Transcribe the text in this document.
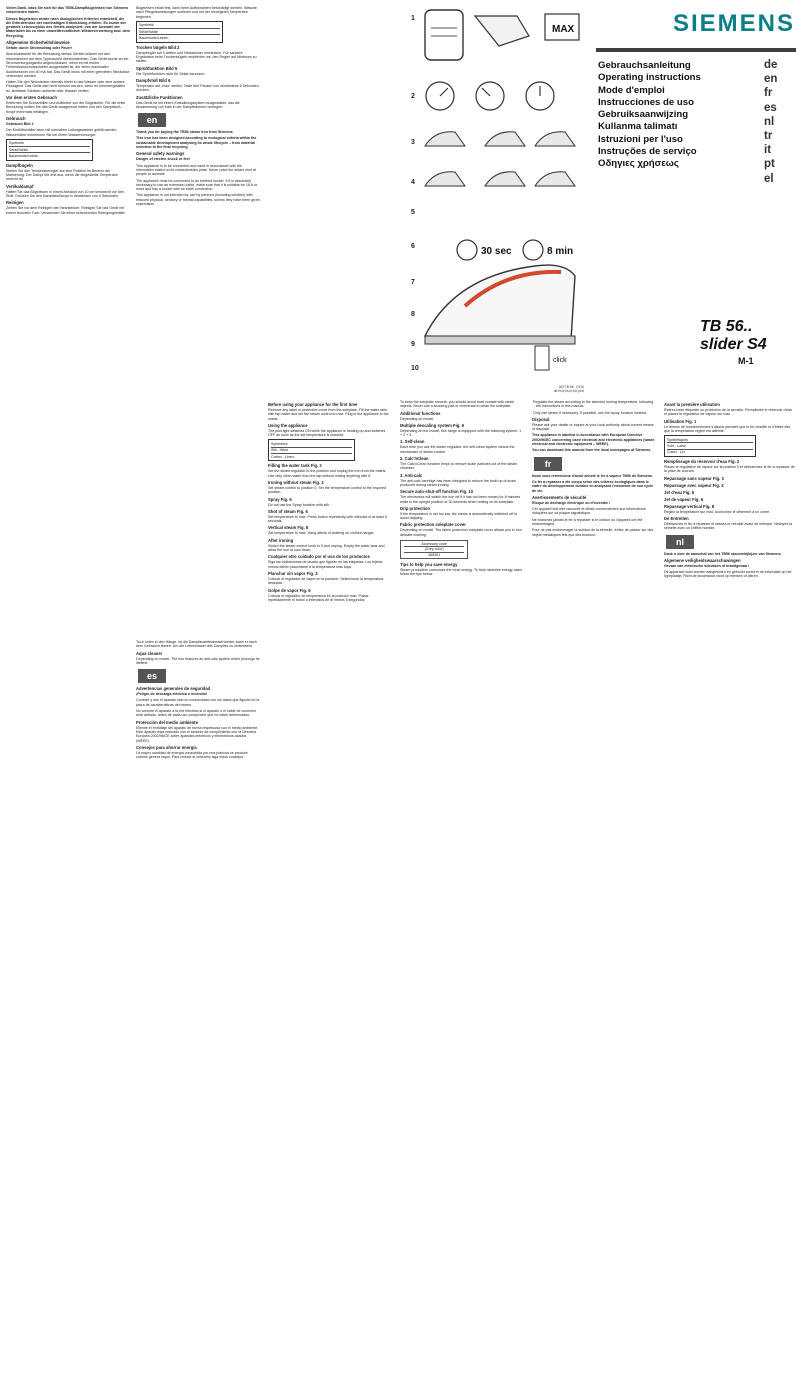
SIEMENS
Gebrauchsanleitung
Operating instructions
Mode d'emploi
Instrucciones de uso
Gebruiksaanwijzing
Kullanma talimatı
Istruzioni per l'uso
Instruções de serviço
Οδηγιες χρήσεως
de
en
fr
es
nl
tr
it
pt
el
1
2
3
4
5
6
7
8
9
10
MAX
30 sec	8 min
click
002 TB 56.. 10/10
de,en,fr,es,nl,tr,it,pt,el
TB 56..
slider S4
M-1

Vielen Dank, dass Sie sich für das TB56-Dampfbügeleisen von Siemens entschieden haben.

Dieses Bügeleisen wurde nach ökologischen Kriterien entwickelt, die die Erfordernisse der nachhaltigen Entwicklung erfüllen. Es wurde der gesamte Lebenszyklus des Geräts analysiert: von der Auswahl der Materialien bis zu einer umweltfreundlichen Wiederverwertung bzw. dem Recycling.

Allgemeine Sicherheitshinweise

Gefahr durch Stromschlag oder Feuer!

Anschlusswerte für die Benutzung dieses Geräts müssen mit den Informationen auf dem Typenschild übereinstimmen. Das Gerät wurde an ein Stromversorgungsnetz angeschlossen, wenn es mit einem Fehlerstromschutzschalter ausgestattet ist, der einen maximalen Auslösestrom von 30 mA hat. Das Gerät muss mit einer geerdeten Steckdose verbunden werden.

Halten Sie den Netzstecker niemals direkt in das Wasser oder eine andere Flüssigkeit. Das Gerät darf nicht benutzt werden, wenn es heruntergefallen ist, sichtbare Schäden aufweist oder Wasser verliert.

Vor dem ersten Gebrauch

Entfernen Sie Schutzfolien und Aufkleber von der Bügelsohle. Für die erste Benutzung sollten Sie das Gerät waagerecht halten und den Dampfstoß-Knopf mehrmals betätigen.

Gebrauch

Gebrauch Bild 1

Der Einfüllbehälter kann mit normalem Leitungswasser gefüllt werden. Wasserhärte entnehmen Sie bei Ihrem Wasserversorger.

Synthetik
Seide/Wolle
Baumwolle/Leinen
Dampfbügeln

Stellen Sie den Temperaturregler auf eine Position im Bereich der Markierung. Der Dampf tritt erst aus, wenn die eingestellte Temperatur erreicht ist.

Vertikaldampf

Halten Sie das Bügeleisen in einem Abstand von 10 cm senkrecht vor den Stoff. Drücken Sie den Dampfstoßknopf in Abständen von 5 Sekunden.

Reinigen

Ziehen Sie vor dem Reinigen den Netzstecker. Reinigen Sie das Gerät mit einem feuchten Tuch. Verwenden Sie keine scheuernden Reinigungsmittel.

Bügeleisen erkalt fest, kann beim Aufbewahren beschädigt werden. Wasche nach Pflegeanweisungen sortieren und mit der niedrigsten Temperatur beginnen.

Synthetik
Seide/Wolle
Baumwolle/Leinen
Trocken bügeln Bild 2

Dampfregler auf 0 stellen und Netzstecker einstecken. Für saubere Ergebnisse beim Trockenbügeln empfehlen wir, den Regler auf Minimum zu stellen.

Sprühfunktion Bild 5

Die Sprühfunktion nicht für Seide benutzen.

Dampfstoß Bild 6

Temperatur auf „max“ stellen. Taste fünf Pausen von mindestens 5 Sekunden drücken.

Zusätzliche Funktionen

Das Gerät ist mit einem Entkalkungssystem ausgestattet, das die Ansammlung von Kalk in der Dampfkammer verringert.

en

Thank you for buying the TB56 steam iron from Siemens.

This iron has been designed according to ecological criteria within the sustainable development analysing its whole lifecycle – from material selection to the final recycling.

General safety warnings

Danger of electric shock or fire!

This appliance is to be connected and used in accordance with the information stated on its characteristics plate. Never point the steam shot at people or animals.

The appliance must be connected to an earthed socket. If it is absolutely necessary to use an extension cable, make sure that it is suitable for 16 A or more and has a socket with an earth connection.

This appliance is not intended for use by persons (including children) with reduced physical, sensory or mental capabilities, unless they have been given supervision.

Tuch unten in den Hänge. Ist die Dampfaustrittsanstalt wieder, kann er nach dem Gebrauch leeren. Um die Lebensdauer des Dampfes zu verbessern.

Aqua cleaner

Depending on model. The iron features an anti-calc system which prolongs its lifetime.

es
Advertencias generales de seguridad

¡Peligro de descarga eléctrica o incendio!

Conecte y use el aparato sólo en conformidad con los datos que figuran en la placa de características del mismo.

No conecte el aparato a la red eléctrica si el aparato o el cable de conexión está dañado. Antes de cada uso compruebe que no estén deteriorados.

Protección del medio ambiente

Elimine el embalaje del aparato de forma respetuosa con el medio ambiente. Este aparato está marcado con el símbolo de cumplimiento con la Directiva Europea 2002/96/CE sobre aparatos eléctricos y electrónicos usados (WEEE).

Consejos para ahorrar energía

La mayor cantidad de energía consumida por una plancha se produce cuando genera vapor. Para reducir el consumo siga estos consejos.

Before using your appliance for the first time

Remove any label or protective cover from the soleplate. Fill the water tank with tap water and set the steam control to max. Plug in the appliance to the mains.

Using the appliance

The pilot light switches ON while the appliance is heating up and switches OFF as soon as the set temperature is reached.

Synthetics
Silk - Wool
Cotton - Linen
Filling the water tank Fig. 2

Set the steam regulator to the position and unplug the iron from the mains. Use only clean water from the tap without mixing anything with it.

Ironing without steam Fig. 3

Set steam control to position 0. Set the temperature control to the required position.

Spray Fig. 5

Do not use the Spray function with silk.

Shot of steam Fig. 6

Set temperature to max. Press button repeatedly with intervals of at least 5 seconds.

Vertical steam Fig. 8

Set temperature to max. Hang article of clothing on clothes hanger.

After ironing

Switch the steam control knob to 0 and unplug. Empty the water tank and allow the iron to cool down.

Cualquier otro cuidado por el uso de los productos

Siga las indicaciones de lavado que figuran en las etiquetas. Los tejidos mixtos deben plancharse a la temperatura más baja.

Planchar sin vapor Fig. 3

Colocar el regulador de vapor en la posición. Seleccionar la temperatura deseada.

Golpe de vapor Fig. 6

Colocar el regulador de temperatura en la posición max. Pulsar repetidamente el botón a intervalos de al menos 5 segundos.

To keep the soleplate smooth, you should avoid hard contact with metal objects. Never use a scouring pad or chemicals to clean the soleplate.

Additional functions

Depending on model.

Multiple descaling system Fig. 9

Depending on the model, this range is equipped with the following system: 1 + 2 + 3.

1. Self-clean

Each time you use the steam regulator, the self-clean system cleans the mechanism of steam control.

2. Calc'nClean

The Calc'nClean function helps to remove scale particles out of the steam chamber.

3. Anti-calc

The anti-calc cartridge has been designed to reduce the build up of scale produced during steam ironing.

Secure auto-shut-off function Fig. 10

The electronics will switch the iron off if it has not been moved for 8 minutes while in the upright position or 30 seconds when resting on its soleplate.

Drip protection

If the temperature is set too low, the steam is automatically switched off to avoid dripping.

Fabric protection soleplate cover

Depending on model. The fabric protection soleplate cover allows you to iron delicate clothing.

Accessory code
(Grey color)
466061
Tips to help you save energy

Steam production consumes the most energy. To help minimise energy used, follow the tips below.

Regulate the steam according to the selected ironing temperature, following the instructions in this manual.

Only use steam if necessary. If possible, use the spray function instead.

Disposal

Please ask your dealer or inquire at your local authority about current means of disposal.

This appliance is labelled in accordance with European Directive 2002/96/EC concerning used electrical and electronic appliances (waste electrical and electronic equipment – WEEE).

You can download this manual from the local homepages of Siemens.

fr

Nous vous remercions d'avoir acheté le fer à vapeur TB56 de Siemens.

Ce fer à repasser a été conçu selon des critères écologiques dans le cadre du développement durable en analysant l'ensemble de son cycle de vie.

Avertissements de sécurité

Risque de décharge électrique ou d'incendie !

Cet appareil doit être raccordé et utilisé conformément aux informations indiquées sur sa plaque signalétique.

Ne branchez jamais le fer à repasser si le cordon ou l'appareil ont été endommagés.

Pour ne pas endommager la surface de la semelle, évitez de passer sur des objets métalliques tels que des boutons.

Avant la première utilisation

Retirez toute étiquette ou protection de la semelle. Remplissez le réservoir d'eau et placez le régulateur de vapeur sur max.

Utilisation Fig. 1

Le témoin de fonctionnement s'allume pendant que le fer chauffe et s'éteint dès que la température réglée est atteinte.

Synthétiques
Soie - Laine
Coton - Lin
Remplissage du réservoir d'eau Fig. 2

Placez le régulateur de vapeur sur la position 0 et débranchez le fer à repasser de la prise de courant.

Repassage sans vapeur Fig. 3
Repassage avec vapeur Fig. 4
Jet d'eau Fig. 5
Jet de vapeur Fig. 6
Repassage vertical Fig. 8

Réglez la température sur max. Accrochez le vêtement à un cintre.

De Entretien

Débranchez le fer à repasser et laissez-le refroidir avant de nettoyer. Nettoyez la semelle avec un chiffon humide.

nl

Dank u voor de aanschaf van het TB56 stoomstrijkijzer van Siemens.

Algemene veiligheidswaarschuwingen

Gevaar van elektrische schokken of brandgevaar!

Dit apparaat moet worden aangesloten en gebruikt conform de informatie op het typeplaatje. Richt de stoomstoot nooit op mensen of dieren.
